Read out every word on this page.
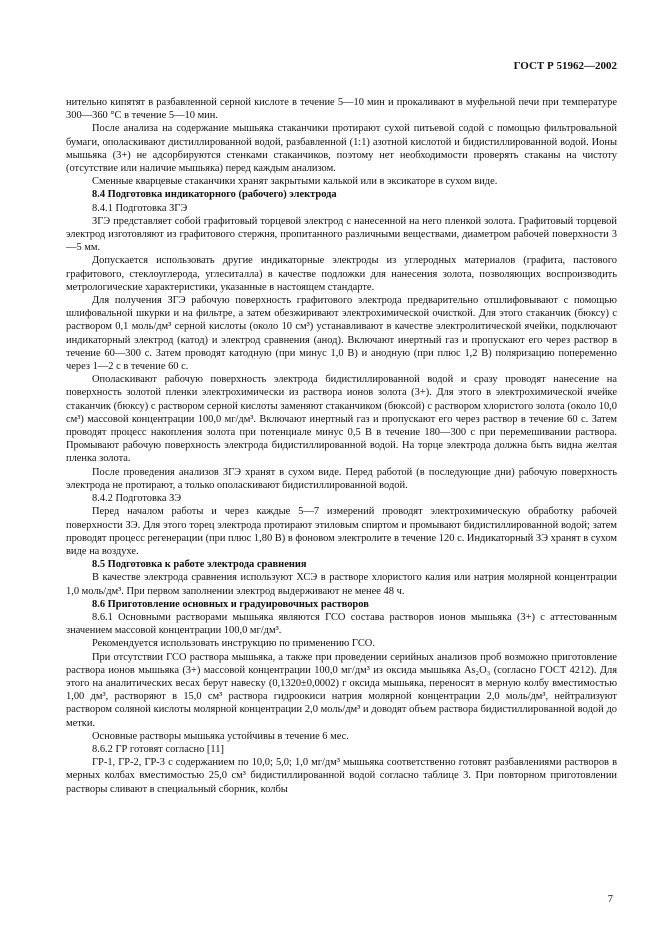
ГОСТ Р 51962—2002

нительно кипятят в разбавленной серной кислоте в течение 5—10 мин и прокаливают в муфельной печи при температуре 300—360 °С в течение 5—10 мин.

После анализа на содержание мышьяка стаканчики протирают сухой питьевой содой с помощью фильтровальной бумаги, ополаскивают дистиллированной водой, разбавленной (1:1) азотной кислотой и бидистиллированной водой. Ионы мышьяка (3+) не адсорбируются стенками стаканчиков, поэтому нет необходимости проверять стаканы на чистоту (отсутствие или наличие мышьяка) перед каждым анализом.

Сменные кварцевые стаканчики хранят закрытыми калькой или в эксикаторе в сухом виде.

8.4 Подготовка индикаторного (рабочего) электрода

8.4.1 Подготовка ЗГЭ

ЗГЭ представляет собой графитовый торцевой электрод с нанесенной на него пленкой золота. Графитовый торцевой электрод изготовляют из графитового стержня, пропитанного различными веществами, диаметром рабочей поверхности 3—5 мм.

Допускается использовать другие индикаторные электроды из углеродных материалов (графита, пастового графитового, стеклоуглерода, углеситалла) в качестве подложки для нанесения золота, позволяющих воспроизводить метрологические характеристики, указанные в настоящем стандарте.

Для получения ЗГЭ рабочую поверхность графитового электрода предварительно отшлифовывают с помощью шлифовальной шкурки и на фильтре, а затем обезжиривают электрохимической очисткой. Для этого стаканчик (бюксу) с раствором 0,1 моль/дм³ серной кислоты (около 10 см³) устанавливают в качестве электролитической ячейки, подключают индикаторный электрод (катод) и электрод сравнения (анод). Включают инертный газ и пропускают его через раствор в течение 60—300 с. Затем проводят катодную (при минус 1,0 В) и анодную (при плюс 1,2 В) поляризацию попеременно через 1—2 с в течение 60 с.

Ополаскивают рабочую поверхность электрода бидистиллированной водой и сразу проводят нанесение на поверхность золотой пленки электрохимически из раствора ионов золота (3+). Для этого в электрохимической ячейке стаканчик (бюксу) с раствором серной кислоты заменяют стаканчиком (бюксой) с раствором хлористого золота (около 10,0 см³) массовой концентрации 100,0 мг/дм³. Включают инертный газ и пропускают его через раствор в течение 60 с. Затем проводят процесс накопления золота при потенциале минус 0,5 В в течение 180—300 с при перемешивании раствора. Промывают рабочую поверхность электрода бидистиллированной водой. На торце электрода должна быть видна желтая пленка золота.

После проведения анализов ЗГЭ хранят в сухом виде. Перед работой (в последующие дни) рабочую поверхность электрода не протирают, а только ополаскивают бидистиллированной водой.

8.4.2 Подготовка ЗЭ

Перед началом работы и через каждые 5—7 измерений проводят электрохимическую обработку рабочей поверхности ЗЭ. Для этого торец электрода протирают этиловым спиртом и промывают бидистиллированной водой; затем проводят процесс регенерации (при плюс 1,80 В) в фоновом электролите в течение 120 с. Индикаторный ЗЭ хранят в сухом виде на воздухе.

8.5 Подготовка к работе электрода сравнения

В качестве электрода сравнения используют ХСЭ в растворе хлористого калия или натрия молярной концентрации 1,0 моль/дм³. При первом заполнении электрод выдерживают не менее 48 ч.

8.6 Приготовление основных и градуировочных растворов

8.6.1 Основными растворами мышьяка являются ГСО состава растворов ионов мышьяка (3+) с аттестованным значением массовой концентрации 100,0 мг/дм³.

Рекомендуется использовать инструкцию по применению ГСО.

При отсутствии ГСО раствора мышьяка, а также при проведении серийных анализов проб возможно приготовление раствора ионов мышьяка (3+) массовой концентрации 100,0 мг/дм³ из оксида мышьяка As₂O₃ (согласно ГОСТ 4212). Для этого на аналитических весах берут навеску (0,1320±0,0002) г оксида мышьяка, переносят в мерную колбу вместимостью 1,00 дм³, растворяют в 15,0 см³ раствора гидроокиси натрия молярной концентрации 2,0 моль/дм³, нейтрализуют раствором соляной кислоты молярной концентрации 2,0 моль/дм³ и доводят объем раствора бидистиллированной водой до метки.

Основные растворы мышьяка устойчивы в течение 6 мес.

8.6.2 ГР готовят согласно [11]

ГР-1, ГР-2, ГР-3 с содержанием по 10,0; 5,0; 1,0 мг/дм³ мышьяка соответственно готовят разбавлениями растворов в мерных колбах вместимостью 25,0 см³ бидистиллированной водой согласно таблице 3. При повторном приготовлении растворы сливают в специальный сборник, колбы

7
